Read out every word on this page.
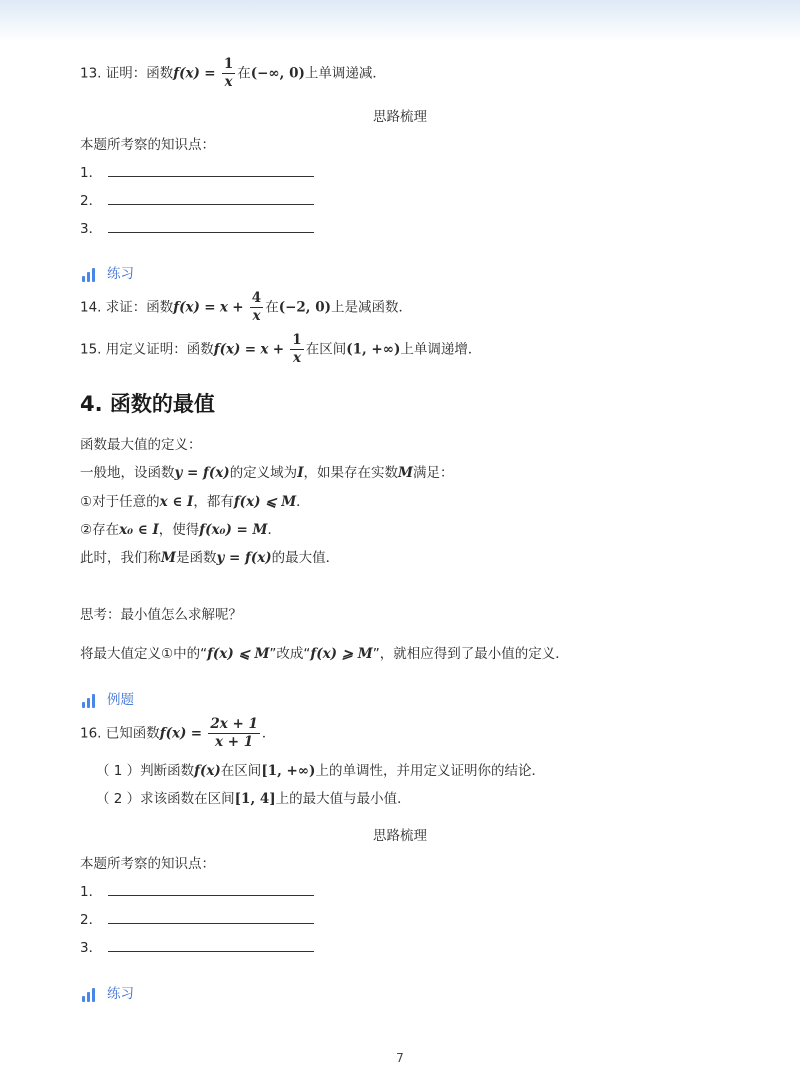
13. 证明：函数$f(x) = \frac{1}{x}$ 在(−∞, 0)上单调递减．
思路梳理
本题所考察的知识点：
1．
2．
3．
练习
14. 求证：函数$f(x) = x + \frac{4}{x}$ 在(−2, 0)上是减函数．
15. 用定义证明：函数$f(x) = x + \frac{1}{x}$ 在区间(1, +∞)上单调递增．
4. 函数的最值
函数最大值的定义：
一般地，设函数y = f(x)的定义域为I，如果存在实数M满足：
①对于任意的x ∈ I，都有f(x) ⩽ M．
②存在x₀ ∈ I，使得f(x₀) = M．
此时，我们称M是函数y = f(x)的最大值．
思考：最小值怎么求解呢？
将最大值定义①中的“f(x) ⩽ M”改成“f(x) ⩾ M”，就相应得到了最小值的定义．
例题
16. 已知函数$f(x) = \frac{2x + 1}{x + 1}$ ．
（ 1 ）判断函数f(x)在区间[1, +∞)上的单调性，并用定义证明你的结论．
（ 2 ）求该函数在区间[1, 4]上的最大值与最小值．
思路梳理
本题所考察的知识点：
1．
2．
3．
练习
7
